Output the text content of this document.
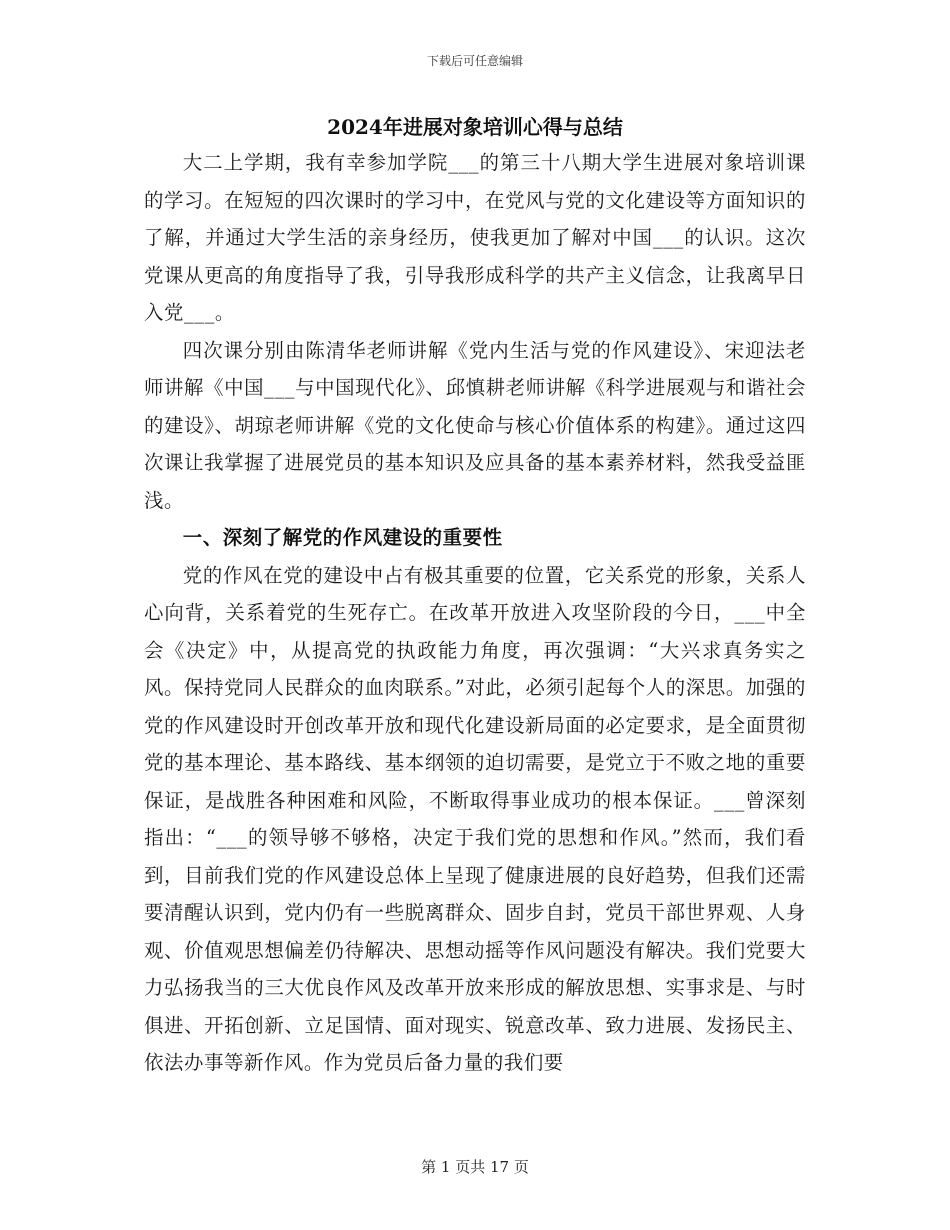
下载后可任意编辑
2024年进展对象培训心得与总结

大二上学期，我有幸参加学院___的第三十八期大学生进展对象培训课的学习。在短短的四次课时的学习中，在党风与党的文化建设等方面知识的了解，并通过大学生活的亲身经历，使我更加了解对中国___的认识。这次党课从更高的角度指导了我，引导我形成科学的共产主义信念，让我离早日入党___。

四次课分别由陈清华老师讲解《党内生活与党的作风建设》、宋迎法老师讲解《中国___与中国现代化》、邱慎耕老师讲解《科学进展观与和谐社会的建设》、胡琼老师讲解《党的文化使命与核心价值体系的构建》。通过这四次课让我掌握了进展党员的基本知识及应具备的基本素养材料，然我受益匪浅。

一、深刻了解党的作风建设的重要性

党的作风在党的建设中占有极其重要的位置，它关系党的形象，关系人心向背，关系着党的生死存亡。在改革开放进入攻坚阶段的今日，___中全会《决定》中，从提高党的执政能力角度，再次强调：“大兴求真务实之风。保持党同人民群众的血肉联系。”对此，必须引起每个人的深思。加强的党的作风建设时开创改革开放和现代化建设新局面的必定要求，是全面贯彻党的基本理论、基本路线、基本纲领的迫切需要，是党立于不败之地的重要保证，是战胜各种困难和风险，不断取得事业成功的根本保证。___曾深刻指出：“___的领导够不够格，决定于我们党的思想和作风。”然而，我们看到，目前我们党的作风建设总体上呈现了健康进展的良好趋势，但我们还需要清醒认识到，党内仍有一些脱离群众、固步自封，党员干部世界观、人身观、价值观思想偏差仍待解决、思想动摇等作风问题没有解决。我们党要大力弘扬我当的三大优良作风及改革开放来形成的解放思想、实事求是、与时俱进、开拓创新、立足国情、面对现实、锐意改革、致力进展、发扬民主、依法办事等新作风。作为党员后备力量的我们要

第 1 页共 17 页
